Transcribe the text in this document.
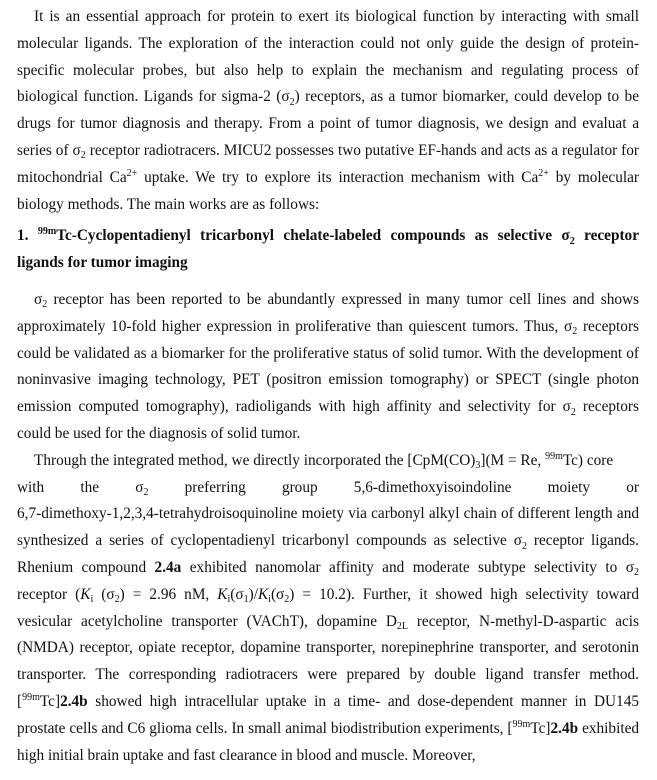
It is an essential approach for protein to exert its biological function by interacting with small molecular ligands. The exploration of the interaction could not only guide the design of protein-specific molecular probes, but also help to explain the mechanism and regulating process of biological function. Ligands for sigma-2 $(\sigma_2)$ receptors, as a tumor biomarker, could develop to be drugs for tumor diagnosis and therapy. From a point of tumor diagnosis, we design and evaluat a series of $\sigma_2$ receptor radiotracers. MICU2 possesses two putative EF-hands and acts as a regulator for mitochondrial $Ca^{2+}$ uptake. We try to explore its interaction mechanism with $Ca^{2+}$ by molecular biology methods. The main works are as follows:

1. $^{99m}$Tc-Cyclopentadienyl tricarbonyl chelate-labeled compounds as selective $\sigma_2$ receptor ligands for tumor imaging

$\sigma_2$ receptor has been reported to be abundantly expressed in many tumor cell lines and shows approximately 10-fold higher expression in proliferative than quiescent tumors. Thus, $\sigma_2$ receptors could be validated as a biomarker for the proliferative status of solid tumor. With the development of noninvasive imaging technology, PET (positron emission tomography) or SPECT (single photon emission computed tomography), radioligands with high affinity and selectivity for $\sigma_2$ receptors could be used for the diagnosis of solid tumor.

Through the integrated method, we directly incorporated the $[CpM(CO)_3](M = Re$, $^{99m}$Tc) core

with the $\sigma_2$ preferring group 5,6-dimethoxyisoindoline moiety or

6,7-dimethoxy-1,2,3,4-tetrahydroisoquinoline moiety via carbonyl alkyl chain of different length and synthesized a series of cyclopentadienyl tricarbonyl compounds as selective $\sigma_2$ receptor ligands. Rhenium compound 2.4a exhibited nanomolar affinity and moderate subtype selectivity to $\sigma_2$ receptor ($K_i$ $(\sigma_2) = 2.96$ nM, $K_i(\sigma_1)/K_i(\sigma_2) = 10.2$). Further, it showed high selectivity toward vesicular acetylcholine transporter (VAChT), dopamine $D_{2L}$ receptor, N-methyl-D-aspartic acis (NMDA) receptor, opiate receptor, dopamine transporter, norepinephrine transporter, and serotonin transporter. The corresponding radiotracers were prepared by double ligand transfer method. [$^{99m}$Tc]2.4b showed high intracellular uptake in a time- and dose-dependent manner in DU145 prostate cells and C6 glioma cells. In small animal biodistribution experiments, [$^{99m}$Tc]2.4b exhibited high initial brain uptake and fast clearance in blood and muscle. Moreover,
